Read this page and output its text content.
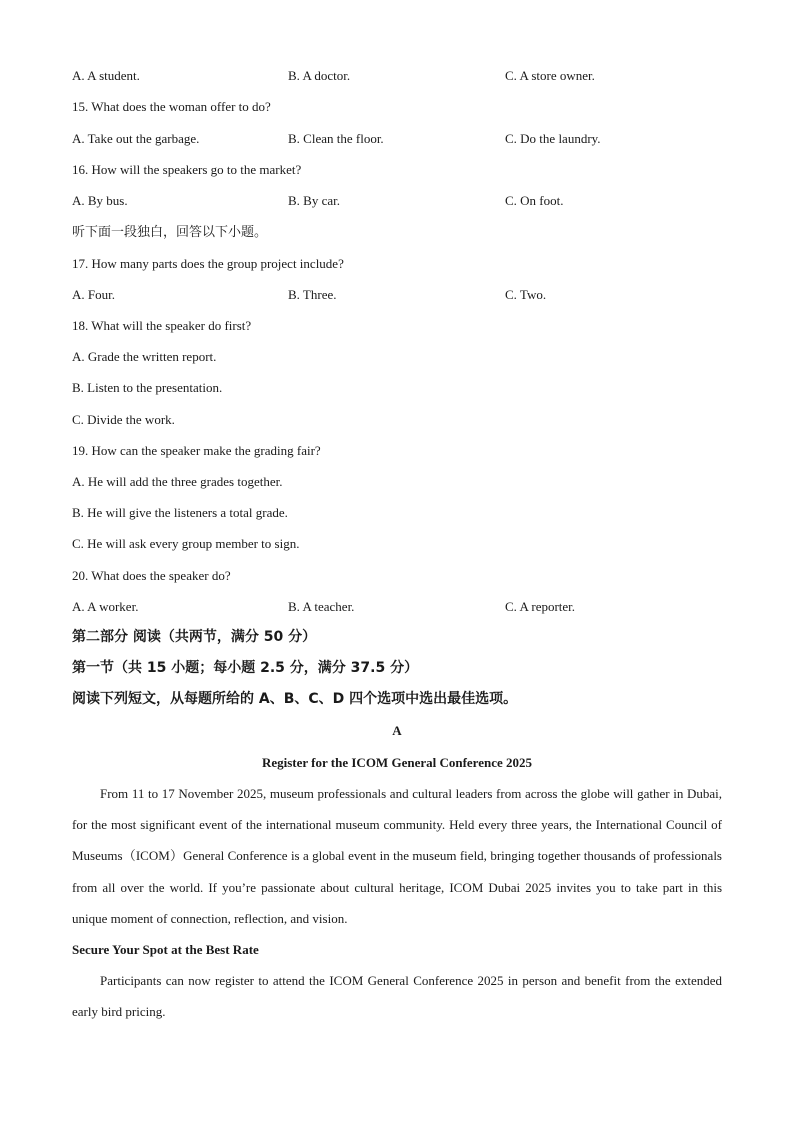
A. A student.	B. A doctor.	C. A store owner.
15. What does the woman offer to do?
A. Take out the garbage.	B. Clean the floor.	C. Do the laundry.
16. How will the speakers go to the market?
A. By bus.	B. By car.	C. On foot.
听下面一段独白，回答以下小题。
17. How many parts does the group project include?
A. Four.	B. Three.	C. Two.
18. What will the speaker do first?
A. Grade the written report.
B. Listen to the presentation.
C. Divide the work.
19. How can the speaker make the grading fair?
A. He will add the three grades together.
B. He will give the listeners a total grade.
C. He will ask every group member to sign.
20. What does the speaker do?
A. A worker.	B. A teacher.	C. A reporter.
第二部分 阅读（共两节，满分 50 分）
第一节（共 15 小题；每小题 2.5 分，满分 37.5 分）
阅读下列短文，从每题所给的 A、B、C、D 四个选项中选出最佳选项。
A
Register for the ICOM General Conference 2025
From 11 to 17 November 2025, museum professionals and cultural leaders from across the globe will gather in Dubai, for the most significant event of the international museum community. Held every three years, the International Council of Museums（ICOM）General Conference is a global event in the museum field, bringing together thousands of professionals from all over the world. If you’re passionate about cultural heritage, ICOM Dubai 2025 invites you to take part in this unique moment of connection, reflection, and vision.
Secure Your Spot at the Best Rate
Participants can now register to attend the ICOM General Conference 2025 in person and benefit from the extended early bird pricing.
